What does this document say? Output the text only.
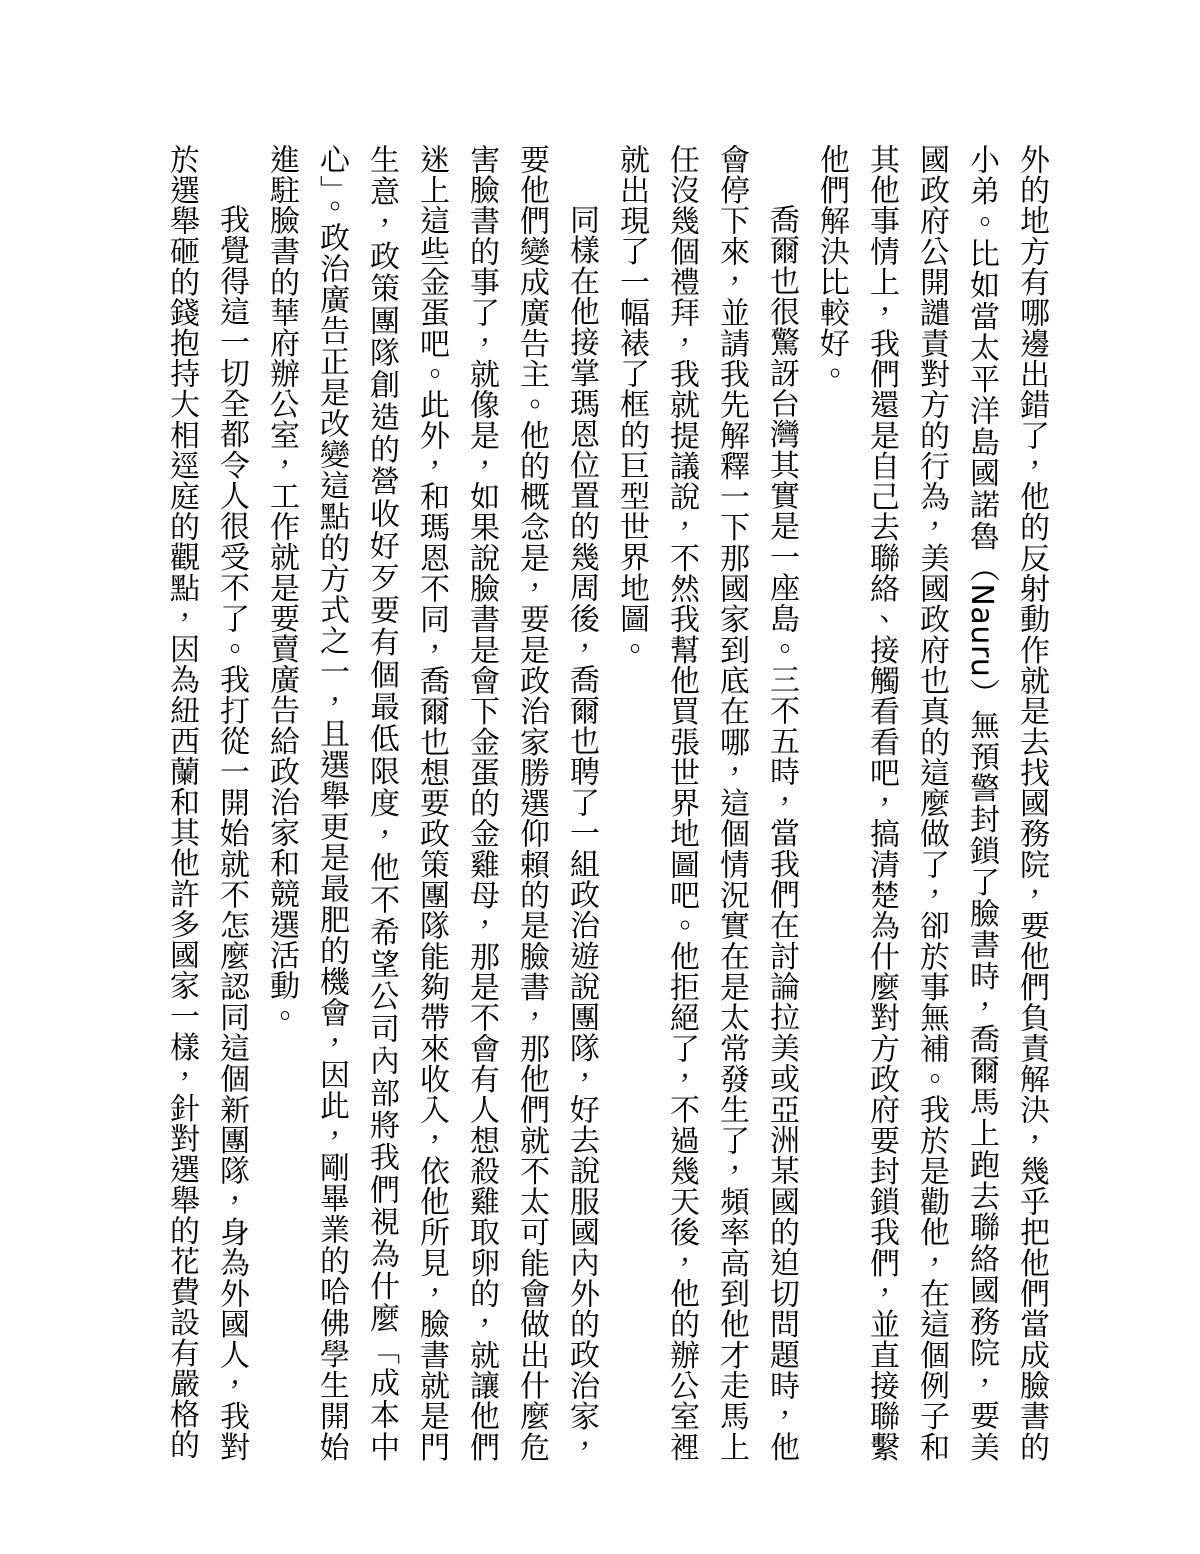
外的地方有哪邊出錯了，他的反射動作就是去找國務院，要他們負責解決，幾乎把他們當成臉書的小弟。比如當太平洋島國諾魯（Nauru）無預警封鎖了臉書時，喬爾馬上跑去聯絡國務院，要美國政府公開譴責對方的行為，美國政府也真的這麼做了，卻於事無補。我於是勸他，在這個例子和其他事情上，我們還是自己去聯絡、接觸看看吧，搞清楚為什麼對方政府要封鎖我們，並直接聯繫他們解決比較好。

喬爾也很驚訝台灣其實是一座島。三不五時，當我們在討論拉美或亞洲某國的迫切問題時，他會停下來，並請我先解釋一下那國家到底在哪，這個情況實在是太常發生了，頻率高到他才走馬上任沒幾個禮拜，我就提議說，不然我幫他買張世界地圖吧。他拒絕了，不過幾天後，他的辦公室裡就出現了一幅裱了框的巨型世界地圖。

同樣在他接掌瑪恩位置的幾周後，喬爾也聘了一組政治遊說團隊，好去說服國內外的政治家，要他們變成廣告主。他的概念是，要是政治家勝選仰賴的是臉書，那他們就不太可能會做出什麼危害臉書的事了，就像是，如果說臉書是會下金蛋的金雞母，那是不會有人想殺雞取卵的，就讓他們迷上這些金蛋吧。此外，和瑪恩不同，喬爾也想要政策團隊能夠帶來收入，依他所見，臉書就是門生意，政策團隊創造的營收好歹要有個最低限度，他不希望公司內部將我們視為什麼「成本中心」。政治廣告正是改變這點的方式之一，且選舉更是最肥的機會，因此，剛畢業的哈佛學生開始進駐臉書的華府辦公室，工作就是要賣廣告給政治家和競選活動。

我覺得這一切全都令人很受不了。我打從一開始就不怎麼認同這個新團隊，身為外國人，我對於選舉砸的錢抱持大相逕庭的觀點，因為紐西蘭和其他許多國家一樣，針對選舉的花費設有嚴格的
